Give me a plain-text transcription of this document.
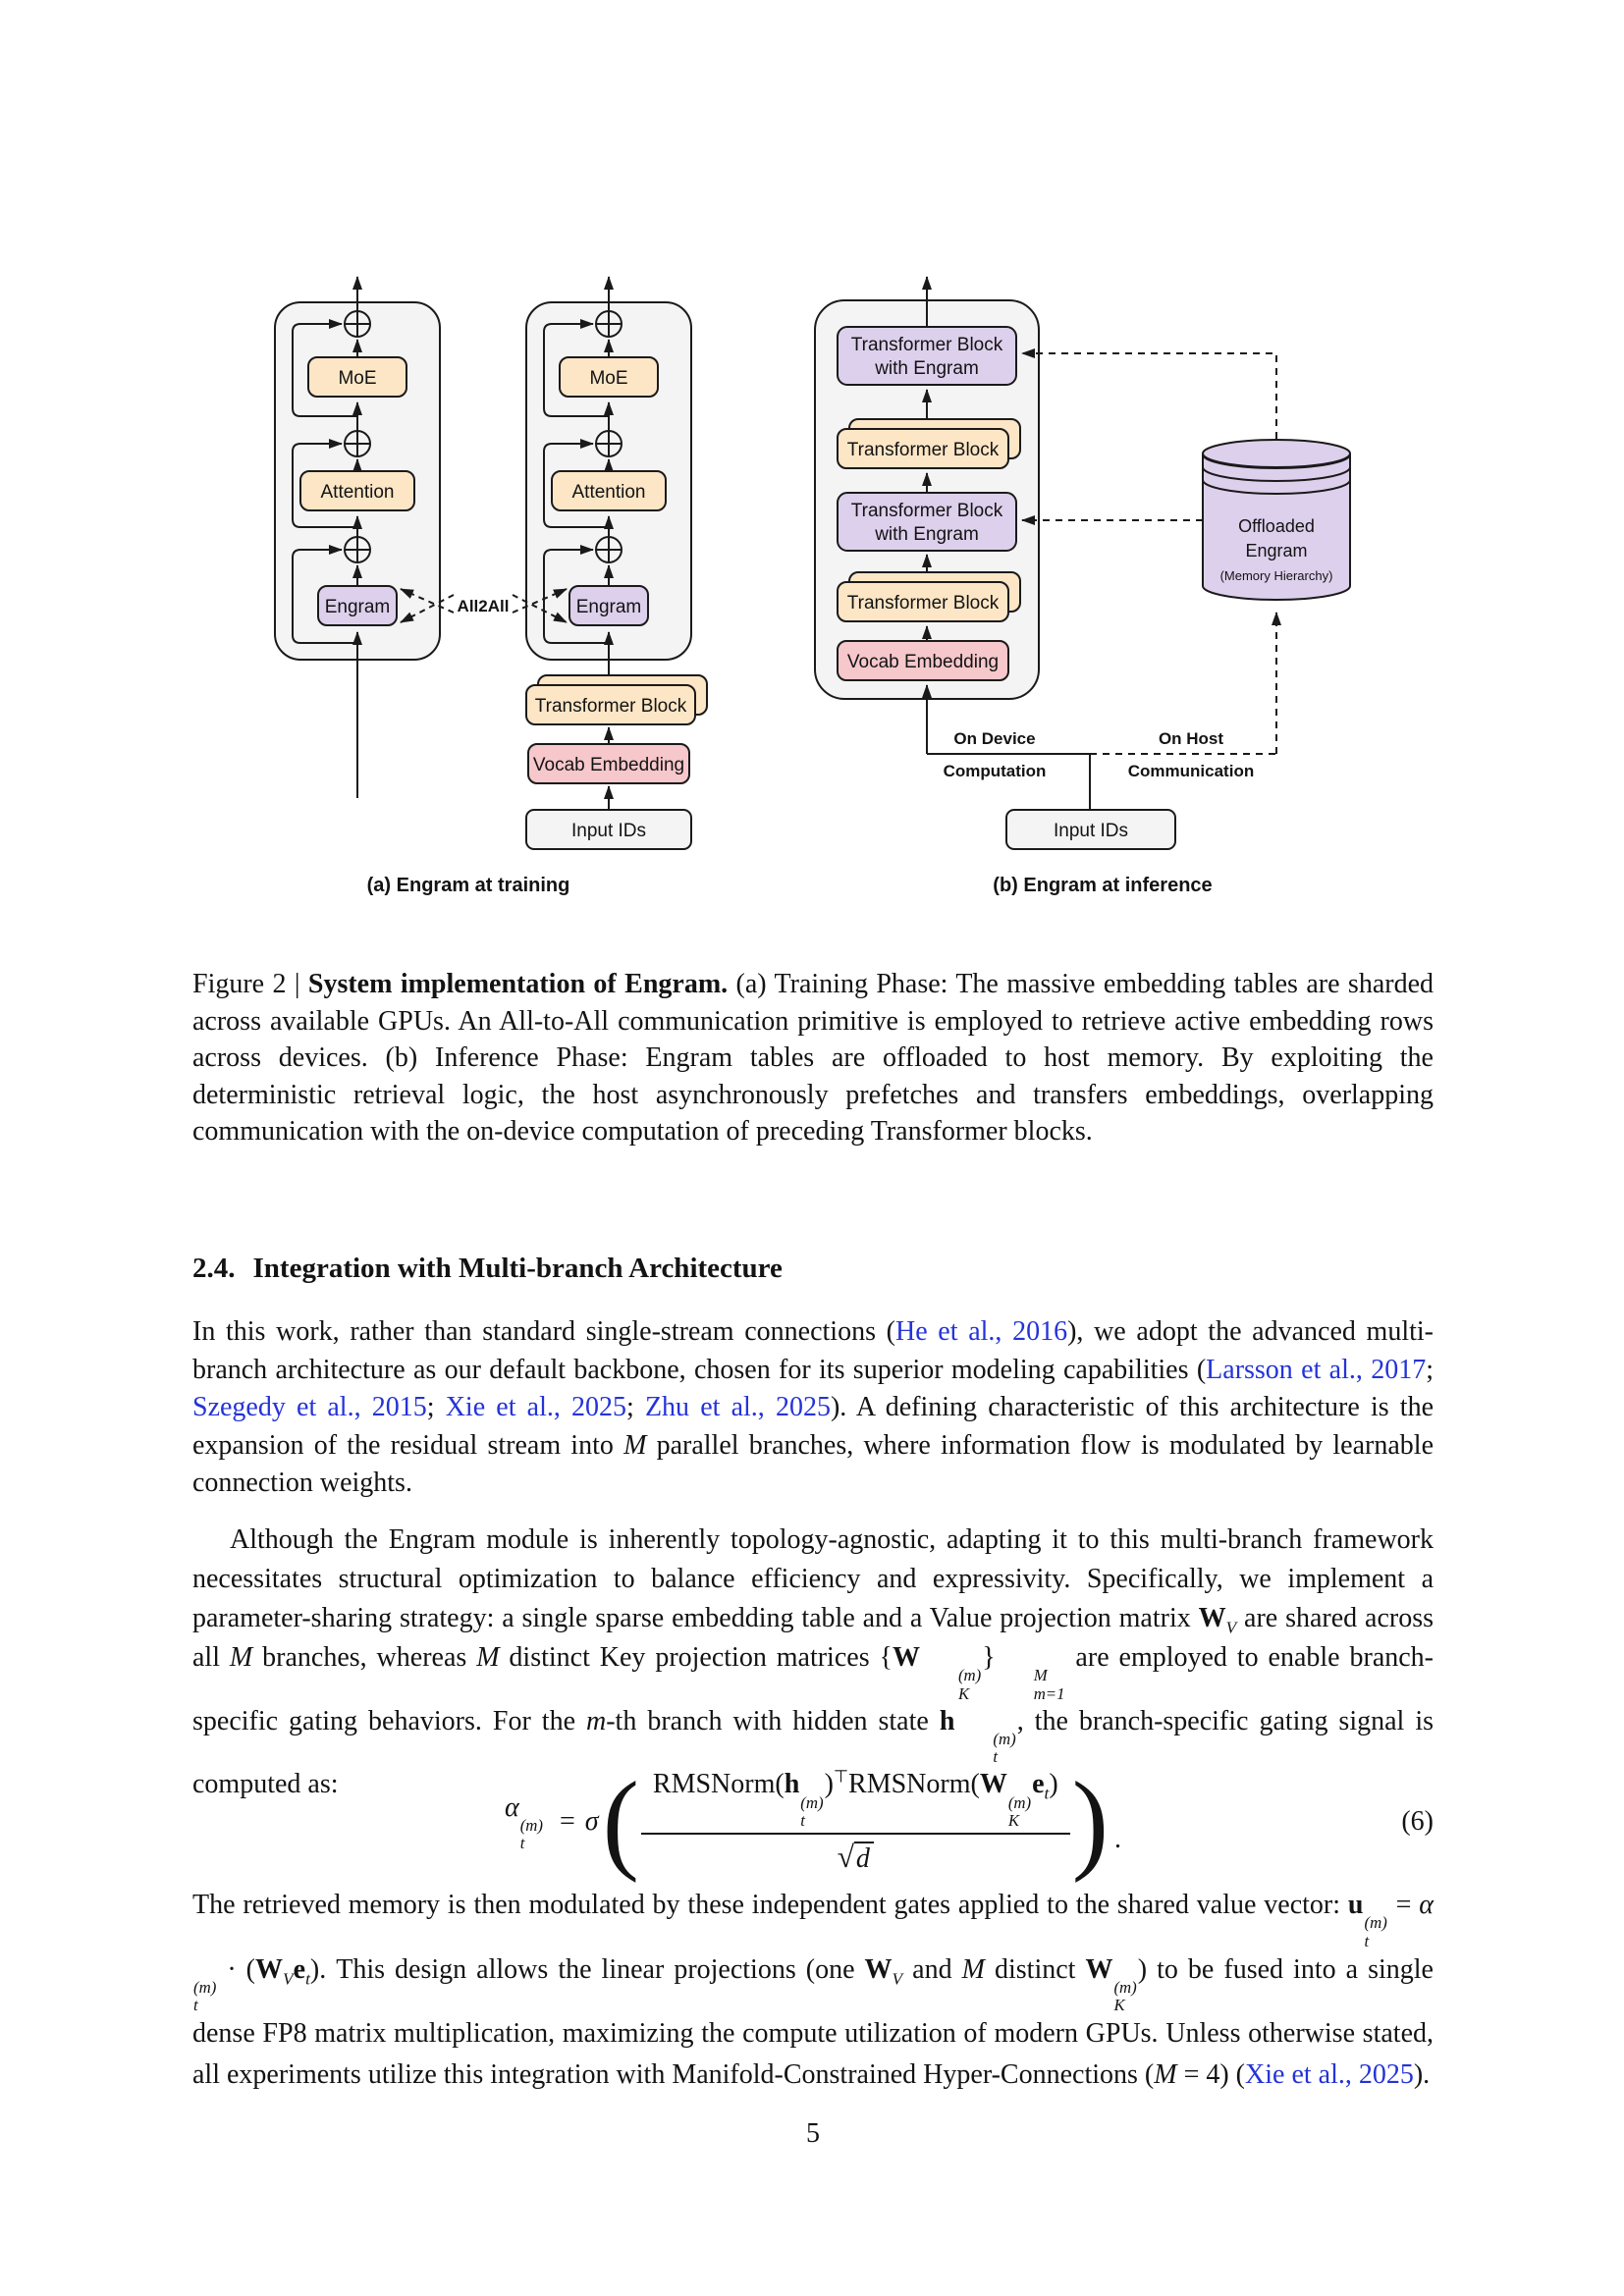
MoE
Attention
Engram
MoE
Attention
Engram
Transformer Block
Vocab Embedding
Input IDs
All2All
Transformer Block
with Engram
Transformer Block
Transformer Block
with Engram
Transformer Block
Vocab Embedding
Input IDs
On Device
Computation
On Host
Communication
Offloaded
Engram
(Memory Hierarchy)
(a) Engram at training	(b) Engram at inference
Figure 2 | System implementation of Engram. (a) Training Phase: The massive embedding tables are sharded across available GPUs. An All-to-All communication primitive is employed to retrieve active embedding rows across devices. (b) Inference Phase: Engram tables are offloaded to host memory. By exploiting the deterministic retrieval logic, the host asynchronously prefetches and transfers embeddings, overlapping communication with the on-device computation of preceding Transformer blocks.
2.4. Integration with Multi-branch Architecture
In this work, rather than standard single-stream connections (He et al., 2016), we adopt the advanced multi-branch architecture as our default backbone, chosen for its superior modeling capabilities (Larsson et al., 2017; Szegedy et al., 2015; Xie et al., 2025; Zhu et al., 2025). A defining characteristic of this architecture is the expansion of the residual stream into M parallel branches, where information flow is modulated by learnable connection weights.
Although the Engram module is inherently topology-agnostic, adapting it to this multi-branch framework necessitates structural optimization to balance efficiency and expressivity. Specifically, we implement a parameter-sharing strategy: a single sparse embedding table and a Value projection matrix $W_V$ are shared across all M branches, whereas M distinct Key projection matrices {W
(m)
K
}
M
m=1
are employed to enable branch-specific gating behaviors. For the m-th branch with hidden state h
(m)
t
, the branch-specific gating signal is computed as:
α
(m)
t
= σ ( RMSNorm(h
(m)
t
)⊤RMSNorm(W
(m)
K
$e_t$)
√d ) .
(6)
The retrieved memory is then modulated by these independent gates applied to the shared value vector: u
(m)
t
= α
(m)
t
· $(W_Ve_t)$. This design allows the linear projections (one $W_V$ and M distinct W
(m)
K
) to be fused into a single dense FP8 matrix multiplication, maximizing the compute utilization of modern GPUs. Unless otherwise stated, all experiments utilize this integration with Manifold-Constrained Hyper-Connections (M = 4) (Xie et al., 2025).
5
